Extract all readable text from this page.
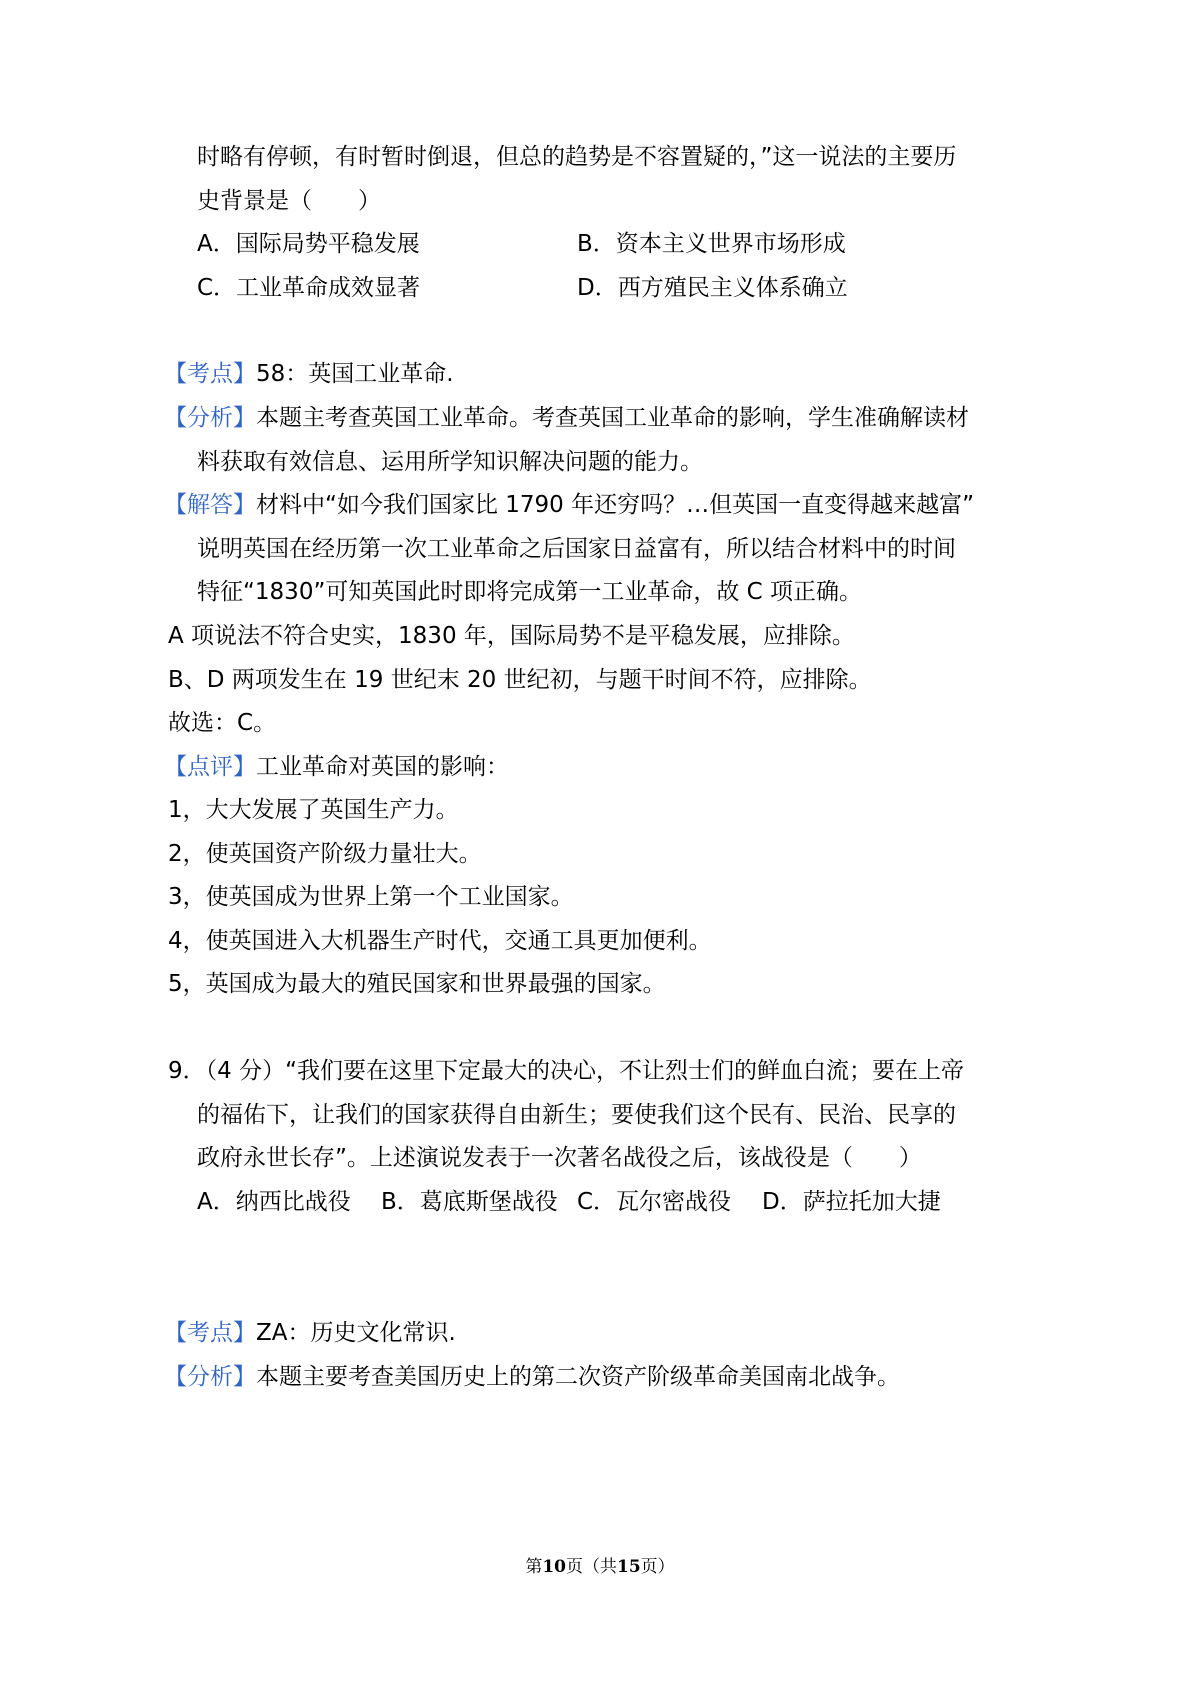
时略有停顿，有时暂时倒退，但总的趋势是不容置疑的，”这一说法的主要历
史背景是（　　）
A．国际局势平稳发展	B．资本主义世界市场形成
C．工业革命成效显著	D．西方殖民主义体系确立
【考点】58：英国工业革命.
【分析】本题主考查英国工业革命。考查英国工业革命的影响，学生准确解读材
料获取有效信息、运用所学知识解决问题的能力。
【解答】材料中“如今我们国家比 1790 年还穷吗？…但英国一直变得越来越富”
说明英国在经历第一次工业革命之后国家日益富有，所以结合材料中的时间
特征“1830”可知英国此时即将完成第一工业革命，故 C 项正确。
A 项说法不符合史实，1830 年，国际局势不是平稳发展，应排除。
B、D 两项发生在 19 世纪末 20 世纪初，与题干时间不符，应排除。
故选：C。
【点评】工业革命对英国的影响：
1，大大发展了英国生产力。
2，使英国资产阶级力量壮大。
3，使英国成为世界上第一个工业国家。
4，使英国进入大机器生产时代，交通工具更加便利。
5，英国成为最大的殖民国家和世界最强的国家。
9．（4 分）“我们要在这里下定最大的决心，不让烈士们的鲜血白流；要在上帝
的福佑下，让我们的国家获得自由新生；要使我们这个民有、民治、民享的
政府永世长存”。上述演说发表于一次著名战役之后，该战役是（　　）
A．纳西比战役 B．葛底斯堡战役 C．瓦尔密战役 D．萨拉托加大捷
【考点】ZA：历史文化常识.
【分析】本题主要考查美国历史上的第二次资产阶级革命美国南北战争。
第10页（共15页）
